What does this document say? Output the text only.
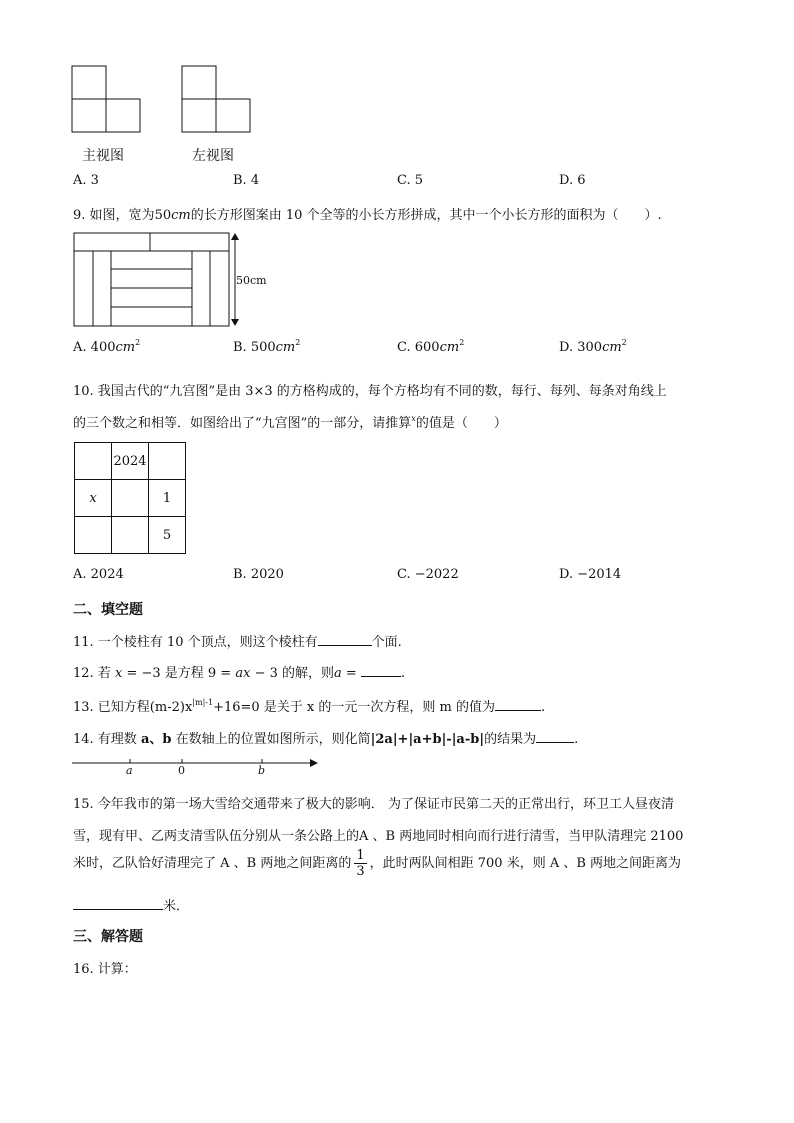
主视图	左视图
A. 3	B. 4	C. 5	D. 6
9. 如图，宽为50cm的长方形图案由 10 个全等的小长方形拼成，其中一个小长方形的面积为（　　）.
50cm
A. $400cm^2$	B. $500cm^2$	C. $600cm^2$	D. $300cm^2$
10. 我国古代的“九宫图”是由 3×3 的方格构成的，每个方格均有不同的数，每行、每列、每条对角线上
的三个数之和相等．如图给出了“九宫图”的一部分，请推算$^x$的值是（　　）
	2024	
x		1
		5
A. 2024	B. 2020	C. −2022	D. −2014
二、填空题
11. 一个棱柱有 10 个顶点，则这个棱柱有	个面.
12. 若 x = −3 是方程 9 = ax − 3 的解，则a =	.
13. 已知方程$(m-2)x^{|m|-1}+16=0$ 是关于 x 的一元一次方程，则 m 的值为	.
14. 有理数 a、b 在数轴上的位置如图所示，则化简|2a|+|a+b|-|a-b|的结果为	.
a	0	b
15. 今年我市的第一场大雪给交通带来了极大的影响． 为了保证市民第二天的正常出行，环卫工人昼夜清
雪，现有甲、乙两支清雪队伍分别从一条公路上的A 、B 两地同时相向而行进行清雪，当甲队清理完 2100
米时，乙队恰好清理完了 A 、B 两地之间距离的 $\frac{1}{3}$ ，此时两队间相距 700 米，则 A 、B 两地之间距离为
米．
三、解答题
16. 计算：
